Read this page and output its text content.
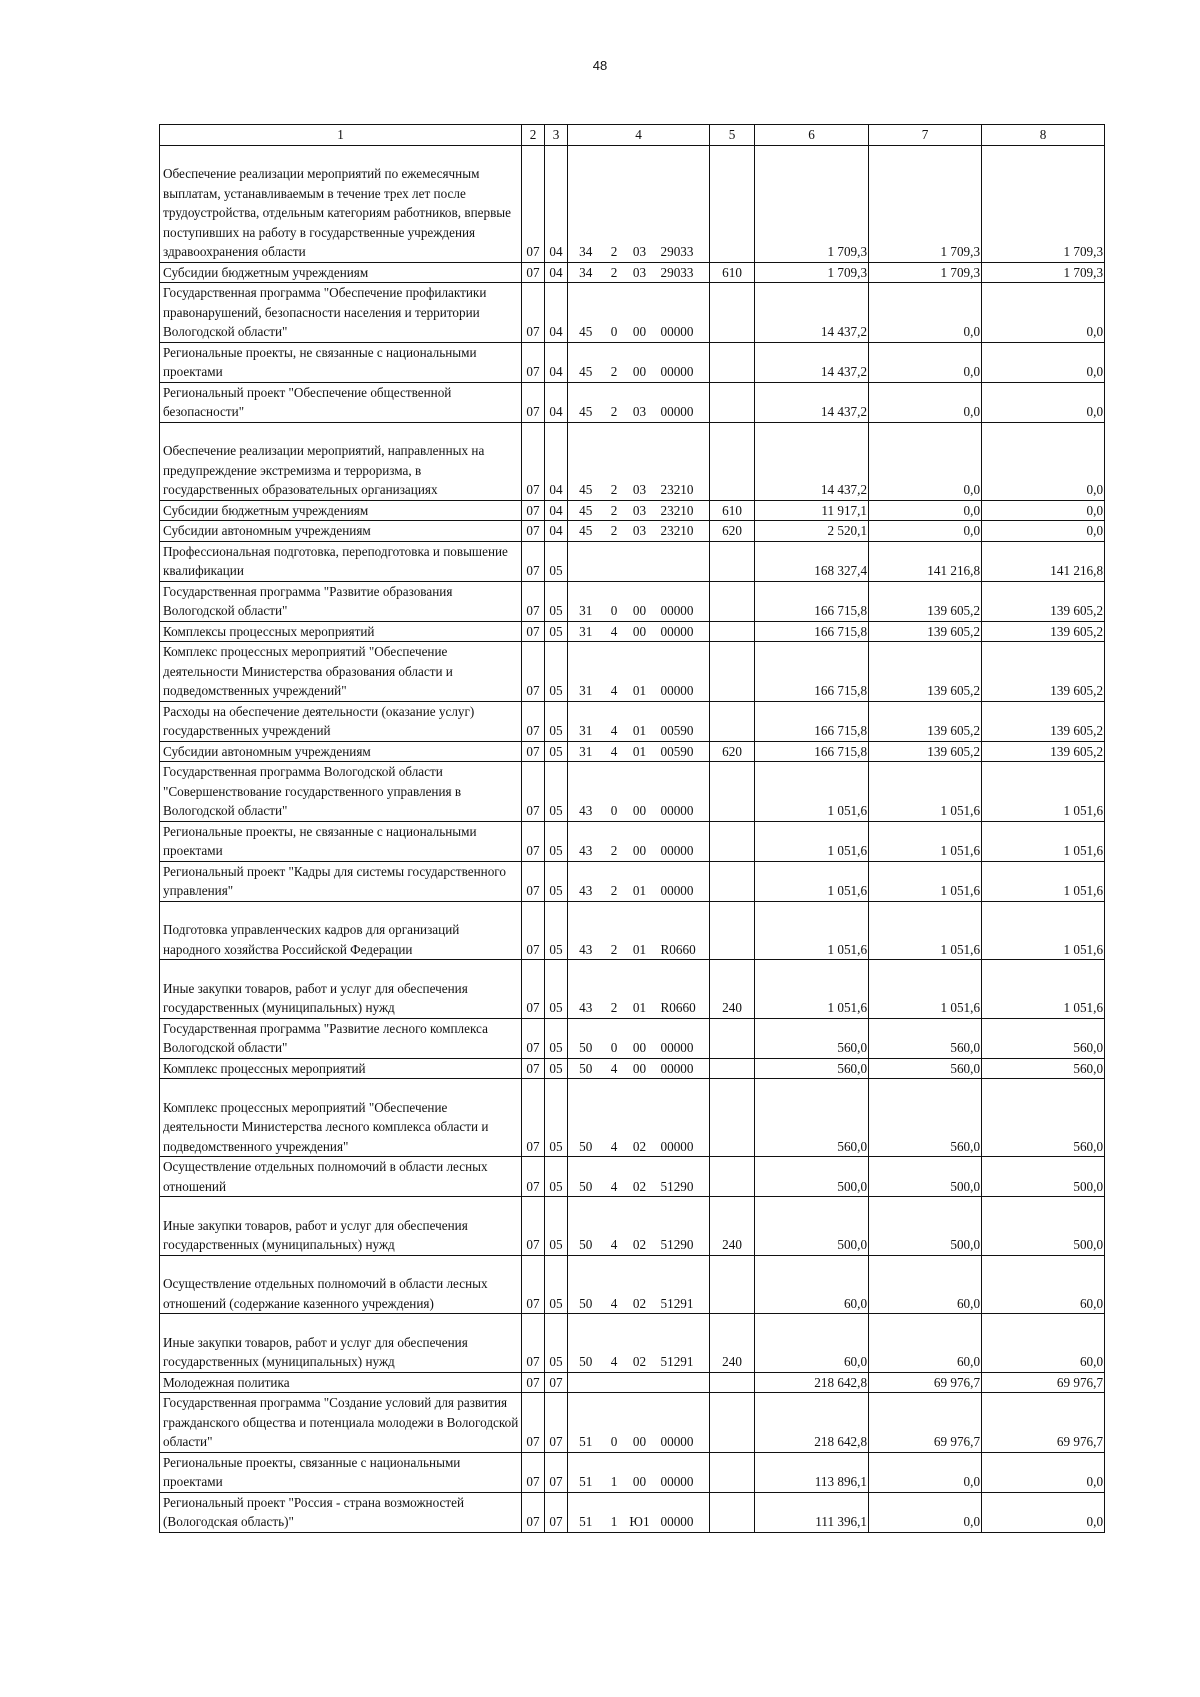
48
1	2	3	4				5	6	7	8
Обеспечение реализации мероприятий по ежемесячным выплатам, устанавливаемым в течение трех лет после трудоустройства, отдельным категориям работников, впервые поступивших на работу в государственные учреждения здравоохранения области	07	04	34	2	03	29033		1 709,3	1 709,3	1 709,3
Субсидии бюджетным учреждениям	07	04	34	2	03	29033	610	1 709,3	1 709,3	1 709,3
Государственная программа "Обеспечение профилактики правонарушений, безопасности населения и территории Вологодской области"	07	04	45	0	00	00000		14 437,2	0,0	0,0
Региональные проекты, не связанные с национальными проектами	07	04	45	2	00	00000		14 437,2	0,0	0,0
Региональный проект "Обеспечение общественной безопасности"	07	04	45	2	03	00000		14 437,2	0,0	0,0
Обеспечение реализации мероприятий, направленных на предупреждение экстремизма и терроризма, в государственных образовательных организациях	07	04	45	2	03	23210		14 437,2	0,0	0,0
Субсидии бюджетным учреждениям	07	04	45	2	03	23210	610	11 917,1	0,0	0,0
Субсидии автономным учреждениям	07	04	45	2	03	23210	620	2 520,1	0,0	0,0
Профессиональная подготовка, переподготовка и повышение квалификации	07	05						168 327,4	141 216,8	141 216,8
Государственная программа "Развитие образования Вологодской области"	07	05	31	0	00	00000		166 715,8	139 605,2	139 605,2
Комплексы процессных мероприятий	07	05	31	4	00	00000		166 715,8	139 605,2	139 605,2
Комплекс процессных мероприятий "Обеспечение деятельности Министерства образования области и подведомственных учреждений"	07	05	31	4	01	00000		166 715,8	139 605,2	139 605,2
Расходы на обеспечение деятельности (оказание услуг) государственных учреждений	07	05	31	4	01	00590		166 715,8	139 605,2	139 605,2
Субсидии автономным учреждениям	07	05	31	4	01	00590	620	166 715,8	139 605,2	139 605,2
Государственная программа Вологодской области "Совершенствование государственного управления в Вологодской области"	07	05	43	0	00	00000		1 051,6	1 051,6	1 051,6
Региональные проекты, не связанные с национальными проектами	07	05	43	2	00	00000		1 051,6	1 051,6	1 051,6
Региональный проект "Кадры для системы государственного управления"	07	05	43	2	01	00000		1 051,6	1 051,6	1 051,6
Подготовка управленческих кадров для организаций народного хозяйства Российской Федерации	07	05	43	2	01	R0660		1 051,6	1 051,6	1 051,6
Иные закупки товаров, работ и услуг для обеспечения государственных (муниципальных) нужд	07	05	43	2	01	R0660	240	1 051,6	1 051,6	1 051,6
Государственная программа "Развитие лесного комплекса Вологодской области"	07	05	50	0	00	00000		560,0	560,0	560,0
Комплекс процессных мероприятий	07	05	50	4	00	00000		560,0	560,0	560,0
Комплекс процессных мероприятий "Обеспечение деятельности Министерства лесного комплекса области и подведомственного учреждения"	07	05	50	4	02	00000		560,0	560,0	560,0
Осуществление отдельных полномочий в области лесных отношений	07	05	50	4	02	51290		500,0	500,0	500,0
Иные закупки товаров, работ и услуг для обеспечения государственных (муниципальных) нужд	07	05	50	4	02	51290	240	500,0	500,0	500,0
Осуществление отдельных полномочий в области лесных отношений (содержание казенного учреждения)	07	05	50	4	02	51291		60,0	60,0	60,0
Иные закупки товаров, работ и услуг для обеспечения государственных (муниципальных) нужд	07	05	50	4	02	51291	240	60,0	60,0	60,0
Молодежная политика	07	07						218 642,8	69 976,7	69 976,7
Государственная программа "Создание условий для развития гражданского общества и потенциала молодежи в Вологодской области"	07	07	51	0	00	00000		218 642,8	69 976,7	69 976,7
Региональные проекты, связанные с национальными проектами	07	07	51	1	00	00000		113 896,1	0,0	0,0
Региональный проект "Россия - страна возможностей (Вологодская область)"	07	07	51	1	Ю1	00000		111 396,1	0,0	0,0
